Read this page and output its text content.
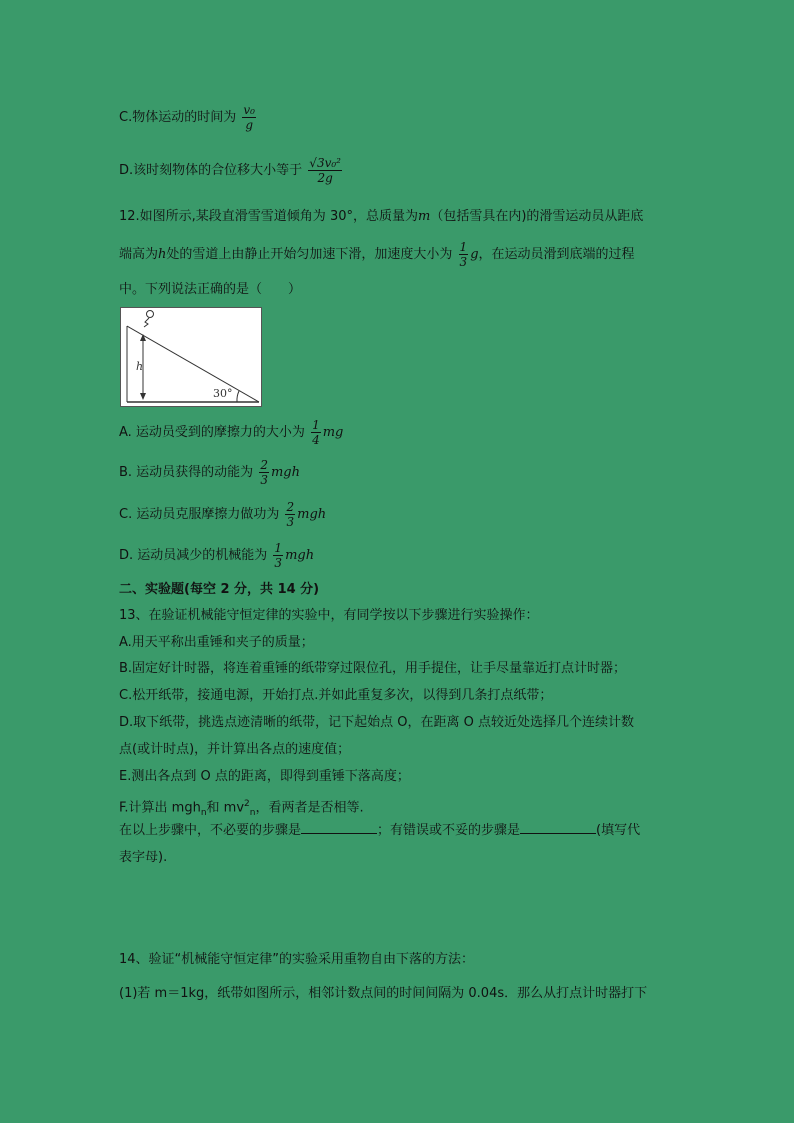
C.物体运动的时间为 $\frac{\text{v₀}}{g}$
D.该时刻物体的合位移大小等于 $\frac{\text{√3v₀²}}{2g}$
12.如图所示,某段直滑雪雪道倾角为 30°，总质量为m（包括雪具在内)的滑雪运动员从距底
端高为h处的雪道上由静止开始匀加速下滑，加速度大小为 $\frac{1}{3}$ g，在运动员滑到底端的过程
中。下列说法正确的是（　　）
h
30°
A. 运动员受到的摩擦力的大小为 $\frac{1}{4}$ mg
B. 运动员获得的动能为 $\frac{2}{3}$ mgh
C. 运动员克服摩擦力做功为 $\frac{2}{3}$ mgh
D. 运动员减少的机械能为 $\frac{1}{3}$ mgh
二、实验题(每空 2 分，共 14 分)
13、在验证机械能守恒定律的实验中，有同学按以下步骤进行实验操作：
A.用天平称出重锤和夹子的质量；
B.固定好计时器，将连着重锤的纸带穿过限位孔，用手提住，让手尽量靠近打点计时器；
C.松开纸带，接通电源，开始打点.并如此重复多次，以得到几条打点纸带；
D.取下纸带，挑选点迹清晰的纸带，记下起始点 O，在距离 O 点较近处选择几个连续计数
点(或计时点)，并计算出各点的速度值；
E.测出各点到 O 点的距离，即得到重锤下落高度；
F.计算出 mgh$_n$和 $mv^2_n$，看两者是否相等.
在以上步骤中，不必要的步骤是	；有错误或不妥的步骤是	(填写代
表字母).
14、验证“机械能守恒定律”的实验采用重物自由下落的方法：
(1)若 m＝1kg，纸带如图所示，相邻计数点间的时间间隔为 0.04s．那么从打点计时器打下
